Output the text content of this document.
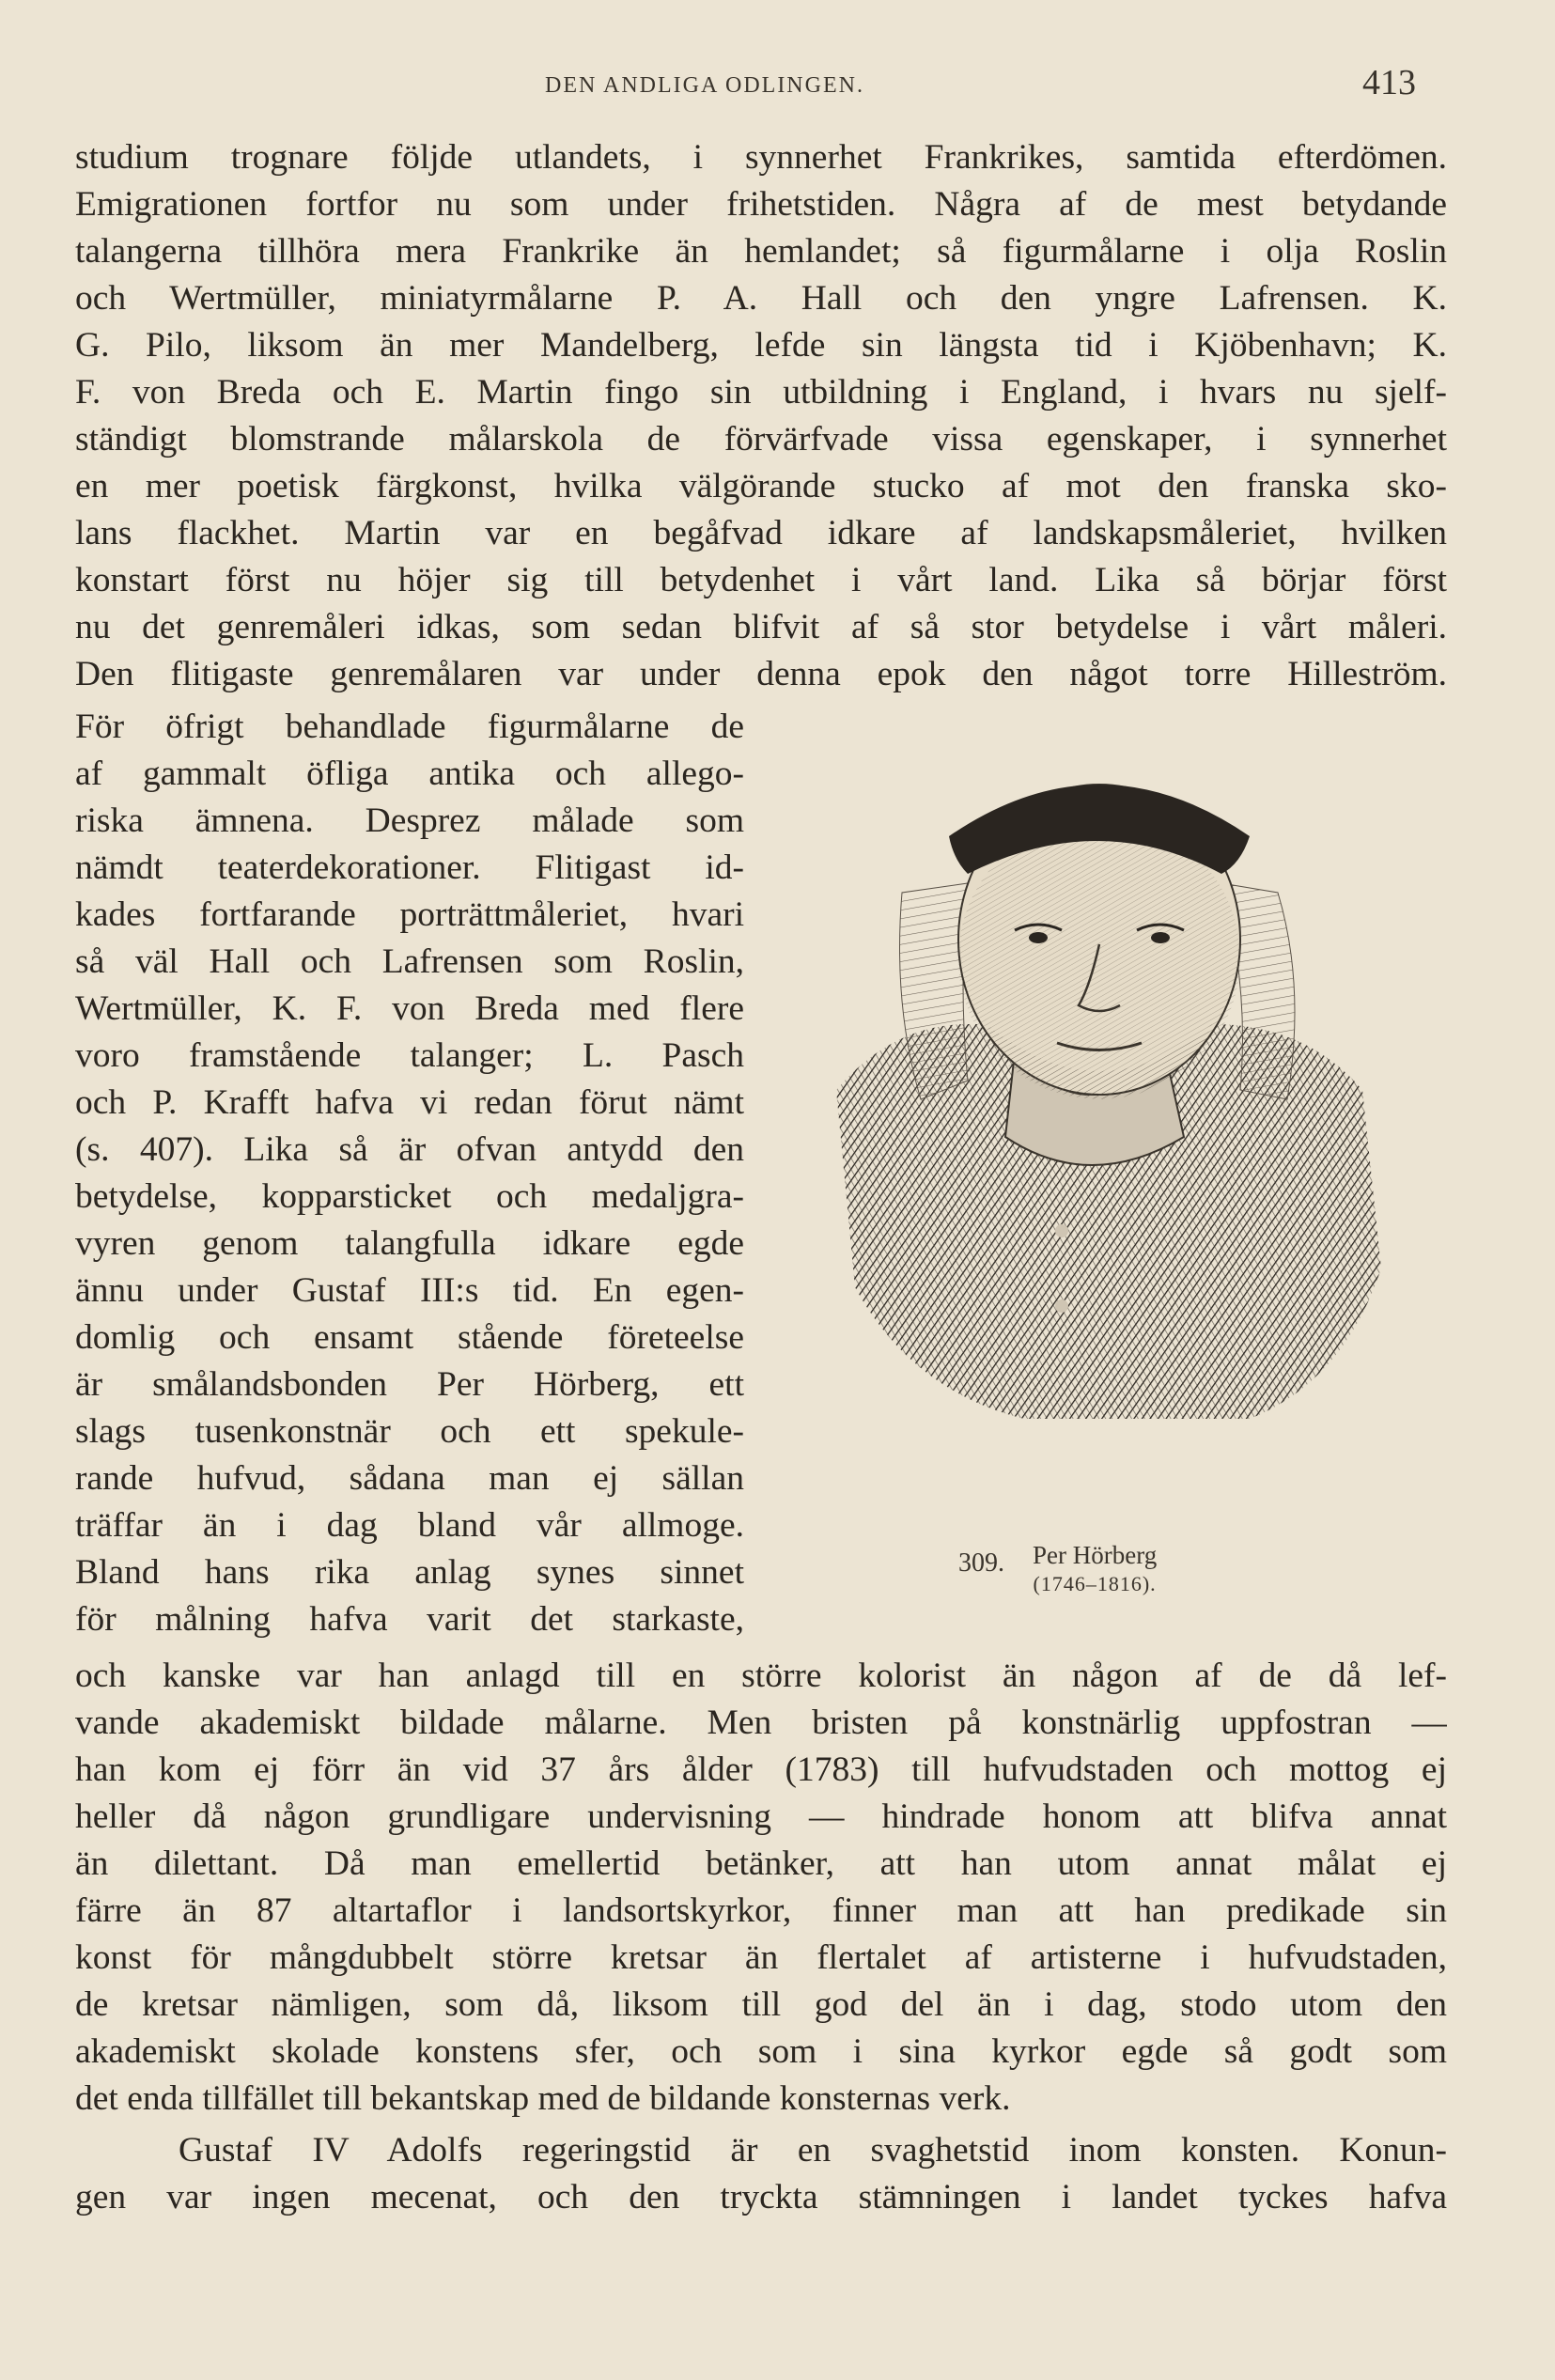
DEN ANDLIGA ODLINGEN.	413
studium trognare följde utlandets, i synnerhet Frankrikes, samtida efterdömen.
Emigrationen fortfor nu som under frihetstiden. Några af de mest betydande
talangerna tillhöra mera Frankrike än hemlandet; så figurmålarne i olja Roslin
och Wertmüller, miniatyrmålarne P. A. Hall och den yngre Lafrensen. K.
G. Pilo, liksom än mer Mandelberg, lefde sin längsta tid i Kjöbenhavn; K.
F. von Breda och E. Martin fingo sin utbildning i England, i hvars nu sjelf-
ständigt blomstrande målarskola de förvärfvade vissa egenskaper, i synnerhet
en mer poetisk färgkonst, hvilka välgörande stucko af mot den franska sko-
lans flackhet. Martin var en begåfvad idkare af landskapsmåleriet, hvilken
konstart först nu höjer sig till betydenhet i vårt land. Lika så börjar först
nu det genremåleri idkas, som sedan blifvit af så stor betydelse i vårt måleri.
Den flitigaste genremålaren var under denna epok den något torre Hilleström.
För öfrigt behandlade figurmålarne de
af gammalt öfliga antika och allego-
riska ämnena. Desprez målade som
nämdt teaterdekorationer. Flitigast id-
kades fortfarande porträttmåleriet, hvari
så väl Hall och Lafrensen som Roslin,
Wertmüller, K. F. von Breda med flere
voro framstående talanger; L. Pasch
och P. Krafft hafva vi redan förut nämt
(s. 407). Lika så är ofvan antydd den
betydelse, kopparsticket och medaljgra-
vyren genom talangfulla idkare egde
ännu under Gustaf III:s tid. En egen-
domlig och ensamt stående företeelse
är smålandsbonden Per Hörberg, ett
slags tusenkonstnär och ett spekule-
rande hufvud, sådana man ej sällan
träffar än i dag bland vår allmoge.
Bland hans rika anlag synes sinnet
för målning hafva varit det starkaste,
309. Per Hörberg
(1746–1816).
och kanske var han anlagd till en större kolorist än någon af de då lef-
vande akademiskt bildade målarne. Men bristen på konstnärlig uppfostran —
han kom ej förr än vid 37 års ålder (1783) till hufvudstaden och mottog ej
heller då någon grundligare undervisning — hindrade honom att blifva annat
än dilettant. Då man emellertid betänker, att han utom annat målat ej
färre än 87 altartaflor i landsortskyrkor, finner man att han predikade sin
konst för mångdubbelt större kretsar än flertalet af artisterne i hufvudstaden,
de kretsar nämligen, som då, liksom till god del än i dag, stodo utom den
akademiskt skolade konstens sfer, och som i sina kyrkor egde så godt som
det enda tillfället till bekantskap med de bildande konsternas verk.
Gustaf IV Adolfs regeringstid är en svaghetstid inom konsten. Konun-
gen var ingen mecenat, och den tryckta stämningen i landet tyckes hafva
